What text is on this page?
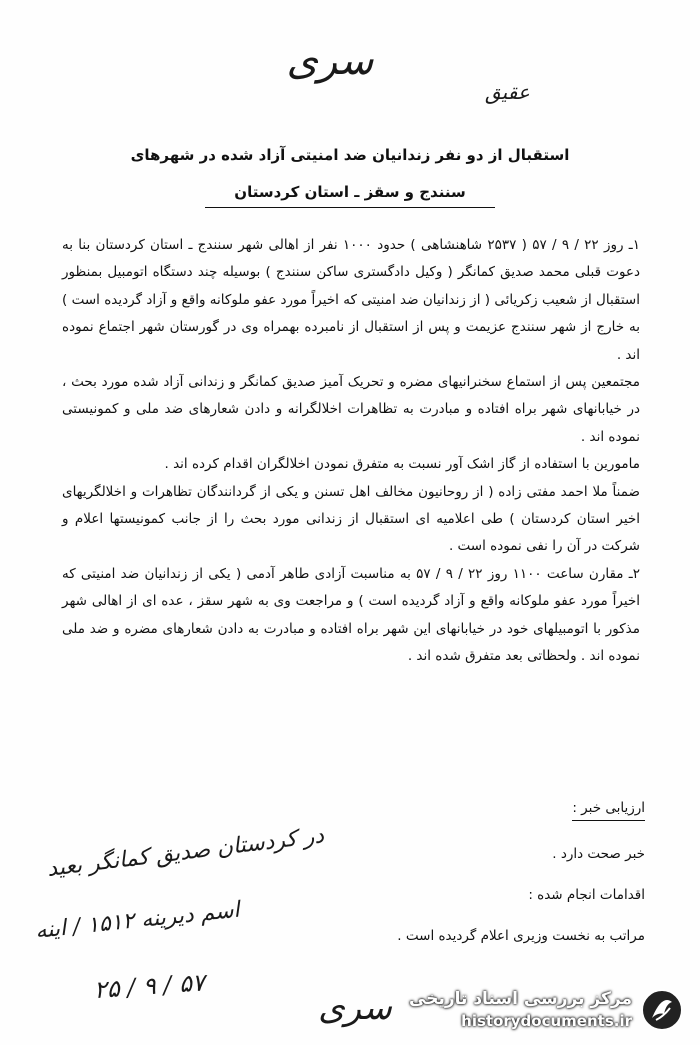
سری
عقیق
استقبال از دو نفر زندانیان ضد امنیتی آزاد شده در شهرهای
سنندج و سقز ـ استان کردستان

۱ـ روز ۲۲ / ۹ / ۵۷ ( ۲۵۳۷ شاهنشاهی ) حدود ۱۰۰۰ نفر از اهالی شهر سنندج ـ استان کردستان بنا به دعوت قبلی محمد صدیق کمانگر ( وکیل دادگستری ساکن سنندج ) بوسیله چند دستگاه اتومبیل بمنظور استقبال از شعیب زکریائی ( از زندانیان ضد امنیتی که اخیراً مورد عفو ملوکانه واقع و آزاد گردیده است ) به خارج از شهر سنندج عزیمت و پس از استقبال از نامبرده بهمراه وی در گورستان شهر اجتماع نموده اند .

مجتمعین پس از استماع سخنرانیهای مضره و تحریک آمیز صدیق کمانگر و زندانی آزاد شده مورد بحث ، در خیابانهای شهر براه افتاده و مبادرت به تظاهرات اخلالگرانه و دادن شعارهای ضد ملی و کمونیستی نموده اند .

مامورین با استفاده از گاز اشک آور نسبت به متفرق نمودن اخلالگران اقدام کرده اند .

ضمناً ملا احمد مفتی زاده ( از روحانیون مخالف اهل تسنن و یکی از گردانندگان تظاهرات و اخلالگریهای اخیر استان کردستان ) طی اعلامیه ای استقبال از زندانی مورد بحث را از جانب کمونیستها اعلام و شرکت در آن را نفی نموده است .

۲ـ مقارن ساعت ۱۱۰۰ روز ۲۲ / ۹ / ۵۷ به مناسبت آزادی طاهر آدمی ( یکی از زندانیان ضد امنیتی که اخیراً مورد عفو ملوکانه واقع و آزاد گردیده است ) و مراجعت وی به شهر سقز ، عده ای از اهالی شهر مذکور با اتومبیلهای خود در خیابانهای این شهر براه افتاده و مبادرت به دادن شعارهای مضره و ضد ملی نموده اند . ولحظاتی بعد متفرق شده اند .

ارزیابی خبر :
خبر صحت دارد .
اقدامات انجام شده :
مراتب به نخست وزیری اعلام گردیده است .
در کردستان صدیق کمانگر بعید
اسم دیرینه ۱۵۱۲ / اینه
۵۷ / ۹ / ۲۵
سری	مرکز بررسی اسناد تاریخی
historydocuments.ir
